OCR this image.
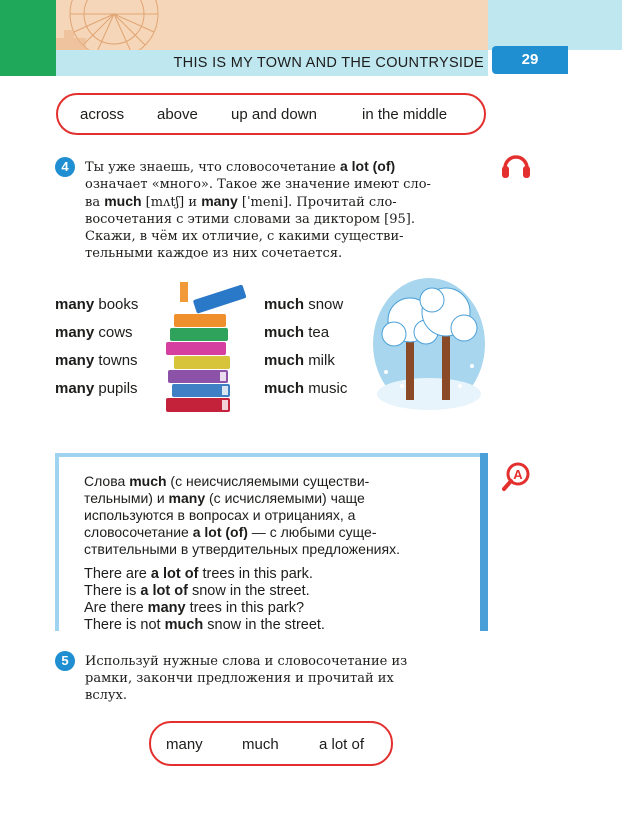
THIS IS MY TOWN AND THE COUNTRYSIDE	29
across above up and down	in the middle
4	Ты уже знаешь, что словосочетание a lot (of)
означает «много». Такое же значение имеют сло-
ва much [mʌtʃ] и many [ˈmeni]. Прочитай сло-
восочетания с этими словами за диктором [95].
Скажи, в чём их отличие, с какими существи-
тельными каждое из них сочетается.
many books
many cows
many towns
many pupils
much snow
much tea
much milk
much music
A
Слова much (с неисчисляемыми существи-
тельными) и many (с исчисляемыми) чаще
используются в вопросах и отрицаниях, а
словосочетание a lot (of) — с любыми суще-
ствительными в утвердительных предложениях.
There are a lot of trees in this park.
There is a lot of snow in the street.
Are there many trees in this park?
There is not much snow in the street.
5	Используй нужные слова и словосочетание из
рамки, закончи предложения и прочитай их
вслух.
many	much	a lot of
